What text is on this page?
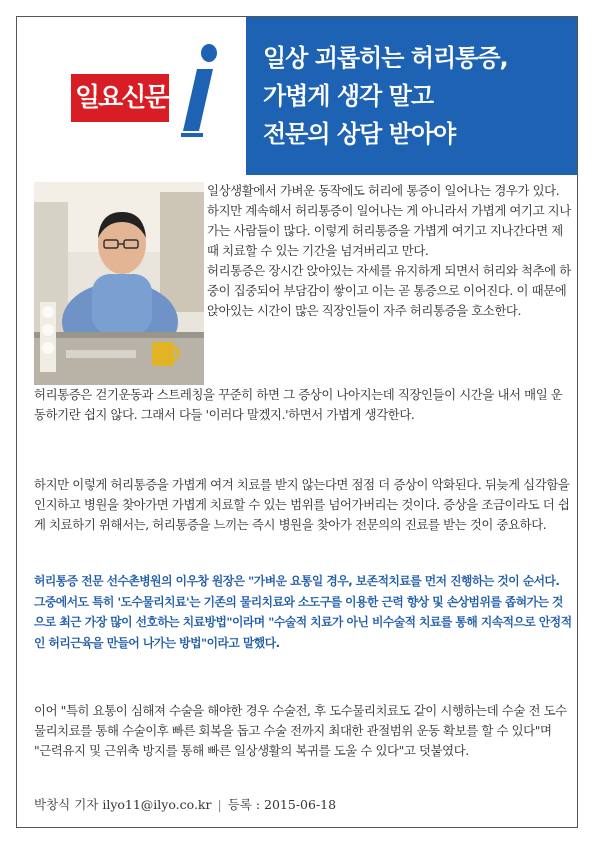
일요신문
일상 괴롭히는 허리통증,
가볍게 생각 말고
전문의 상담 받아야

일상생활에서 가벼운 동작에도 허리에 통증이 일어나는 경우가 있다. 하지만 계속해서 허리통증이 일어나는 게 아니라서 가볍게 여기고 지나 가는 사람들이 많다. 이렇게 허리통증을 가볍게 여기고 지나간다면 제때 치료할 수 있는 기간을 넘겨버리고 만다.

허리통증은 장시간 앉아있는 자세를 유지하게 되면서 허리와 척추에 하중이 집중되어 부담감이 쌓이고 이는 곧 통증으로 이어진다. 이 때문에 앉아있는 시간이 많은 직장인들이 자주 허리통증을 호소한다.

허리통증은 걷기운동과 스트레칭을 꾸준히 하면 그 증상이 나아지는데 직장인들이 시간을 내서 매일 운동하기란 쉽지 않다. 그래서 다들 '이러다 말겠지.'하면서 가볍게 생각한다.

하지만 이렇게 허리통증을 가볍게 여겨 치료를 받지 않는다면 점점 더 증상이 악화된다. 뒤늦게 심각함을 인지하고 병원을 찾아가면 가볍게 치료할 수 있는 범위를 넘어가버리는 것이다. 증상을 조금이라도 더 쉽게 치료하기 위해서는, 허리통증을 느끼는 즉시 병원을 찾아가 전문의의 진료를 받는 것이 중요하다.

허리통증 전문 선수촌병원의 이우창 원장은 "가벼운 요통일 경우, 보존적치료를 먼저 진행하는 것이 순서다. 그중에서도 특히 '도수물리치료'는 기존의 물리치료와 소도구를 이용한 근력 향상 및 손상범위를 좁혀가는 것으로 최근 가장 많이 선호하는 치료방법"이라며 "수술적 치료가 아닌 비수술적 치료를 통해 지속적으로 안정적인 허리근육을 만들어 나가는 방법"이라고 말했다.

이어 "특히 요통이 심해져 수술을 해야한 경우 수술전, 후 도수물리치료도 같이 시행하는데 수술 전 도수물리치료를 통해 수술이후 빠른 회복을 돕고 수술 전까지 최대한 관절범위 운동 확보를 할 수 있다"며 "근력유지 및 근위축 방지를 통해 빠른 일상생활의 복귀를 도울 수 있다"고 덧붙였다.

박창식 기자 ilyo11@ilyo.co.kr | 등록 : 2015-06-18
